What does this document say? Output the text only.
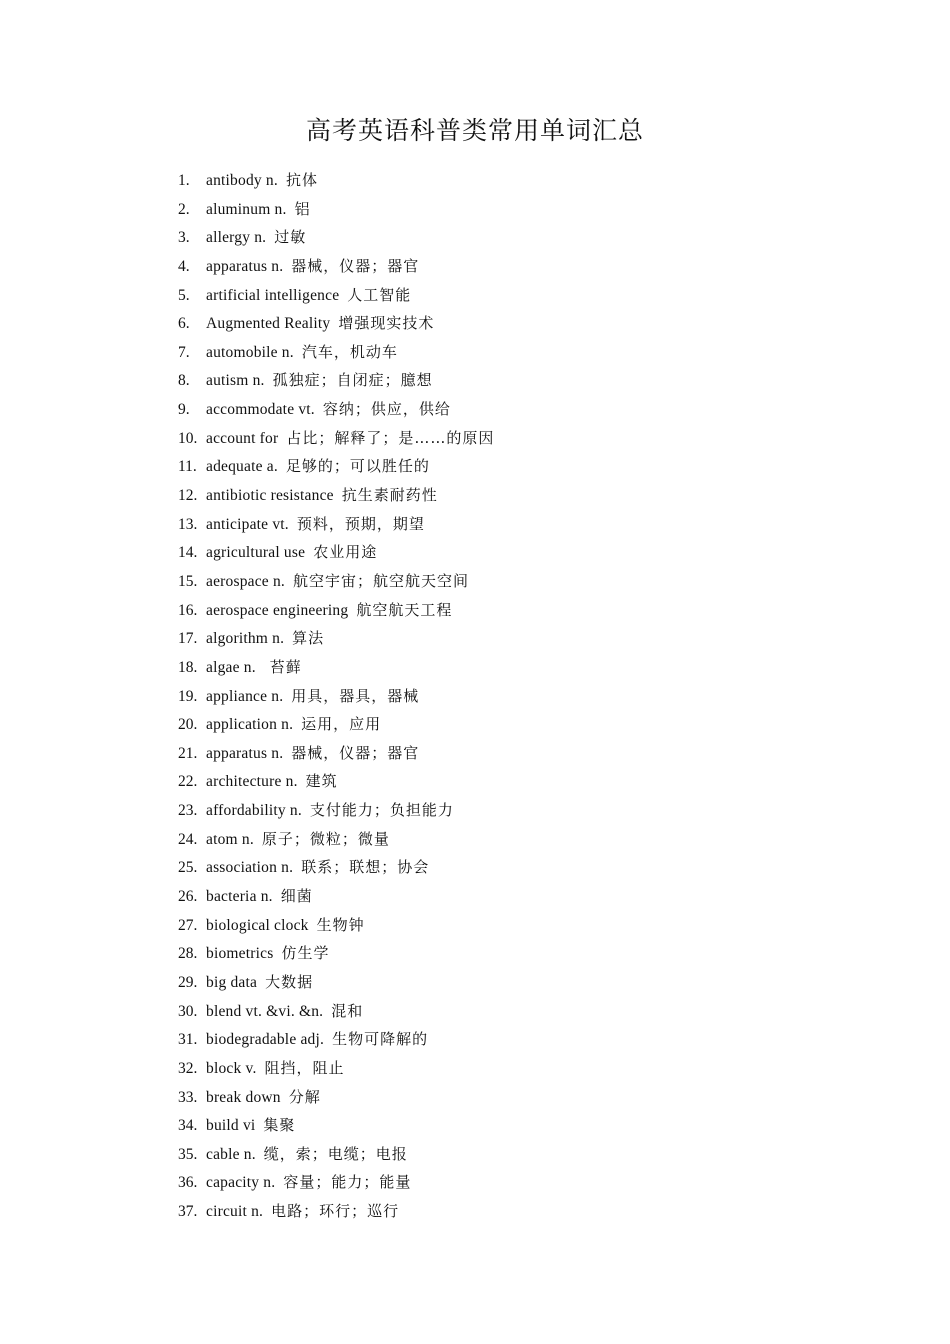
高考英语科普类常用单词汇总
1. antibody n. 抗体
2. aluminum n. 铝
3. allergy n. 过敏
4. apparatus n. 器械，仪器；器官
5. artificial intelligence 人工智能
6. Augmented Reality 增强现实技术
7. automobile n. 汽车，机动车
8. autism n. 孤独症；自闭症；臆想
9. accommodate vt. 容纳；供应，供给
10. account for 占比；解释了；是……的原因
11. adequate a. 足够的；可以胜任的
12. antibiotic resistance 抗生素耐药性
13. anticipate vt. 预料，预期，期望
14. agricultural use 农业用途
15. aerospace n. 航空宇宙；航空航天空间
16. aerospace engineering 航空航天工程
17. algorithm n. 算法
18. algae n. 苔藓
19. appliance n. 用具，器具，器械
20. application n. 运用，应用
21. apparatus n. 器械，仪器；器官
22. architecture n. 建筑
23. affordability n. 支付能力；负担能力
24. atom n. 原子；微粒；微量
25. association n. 联系；联想；协会
26. bacteria n. 细菌
27. biological clock 生物钟
28. biometrics 仿生学
29. big data 大数据
30. blend vt. &vi. &n. 混和
31. biodegradable adj. 生物可降解的
32. block v. 阻挡，阻止
33. break down 分解
34. build vi 集聚
35. cable n. 缆，索；电缆；电报
36. capacity n. 容量；能力；能量
37. circuit n. 电路；环行；巡行
